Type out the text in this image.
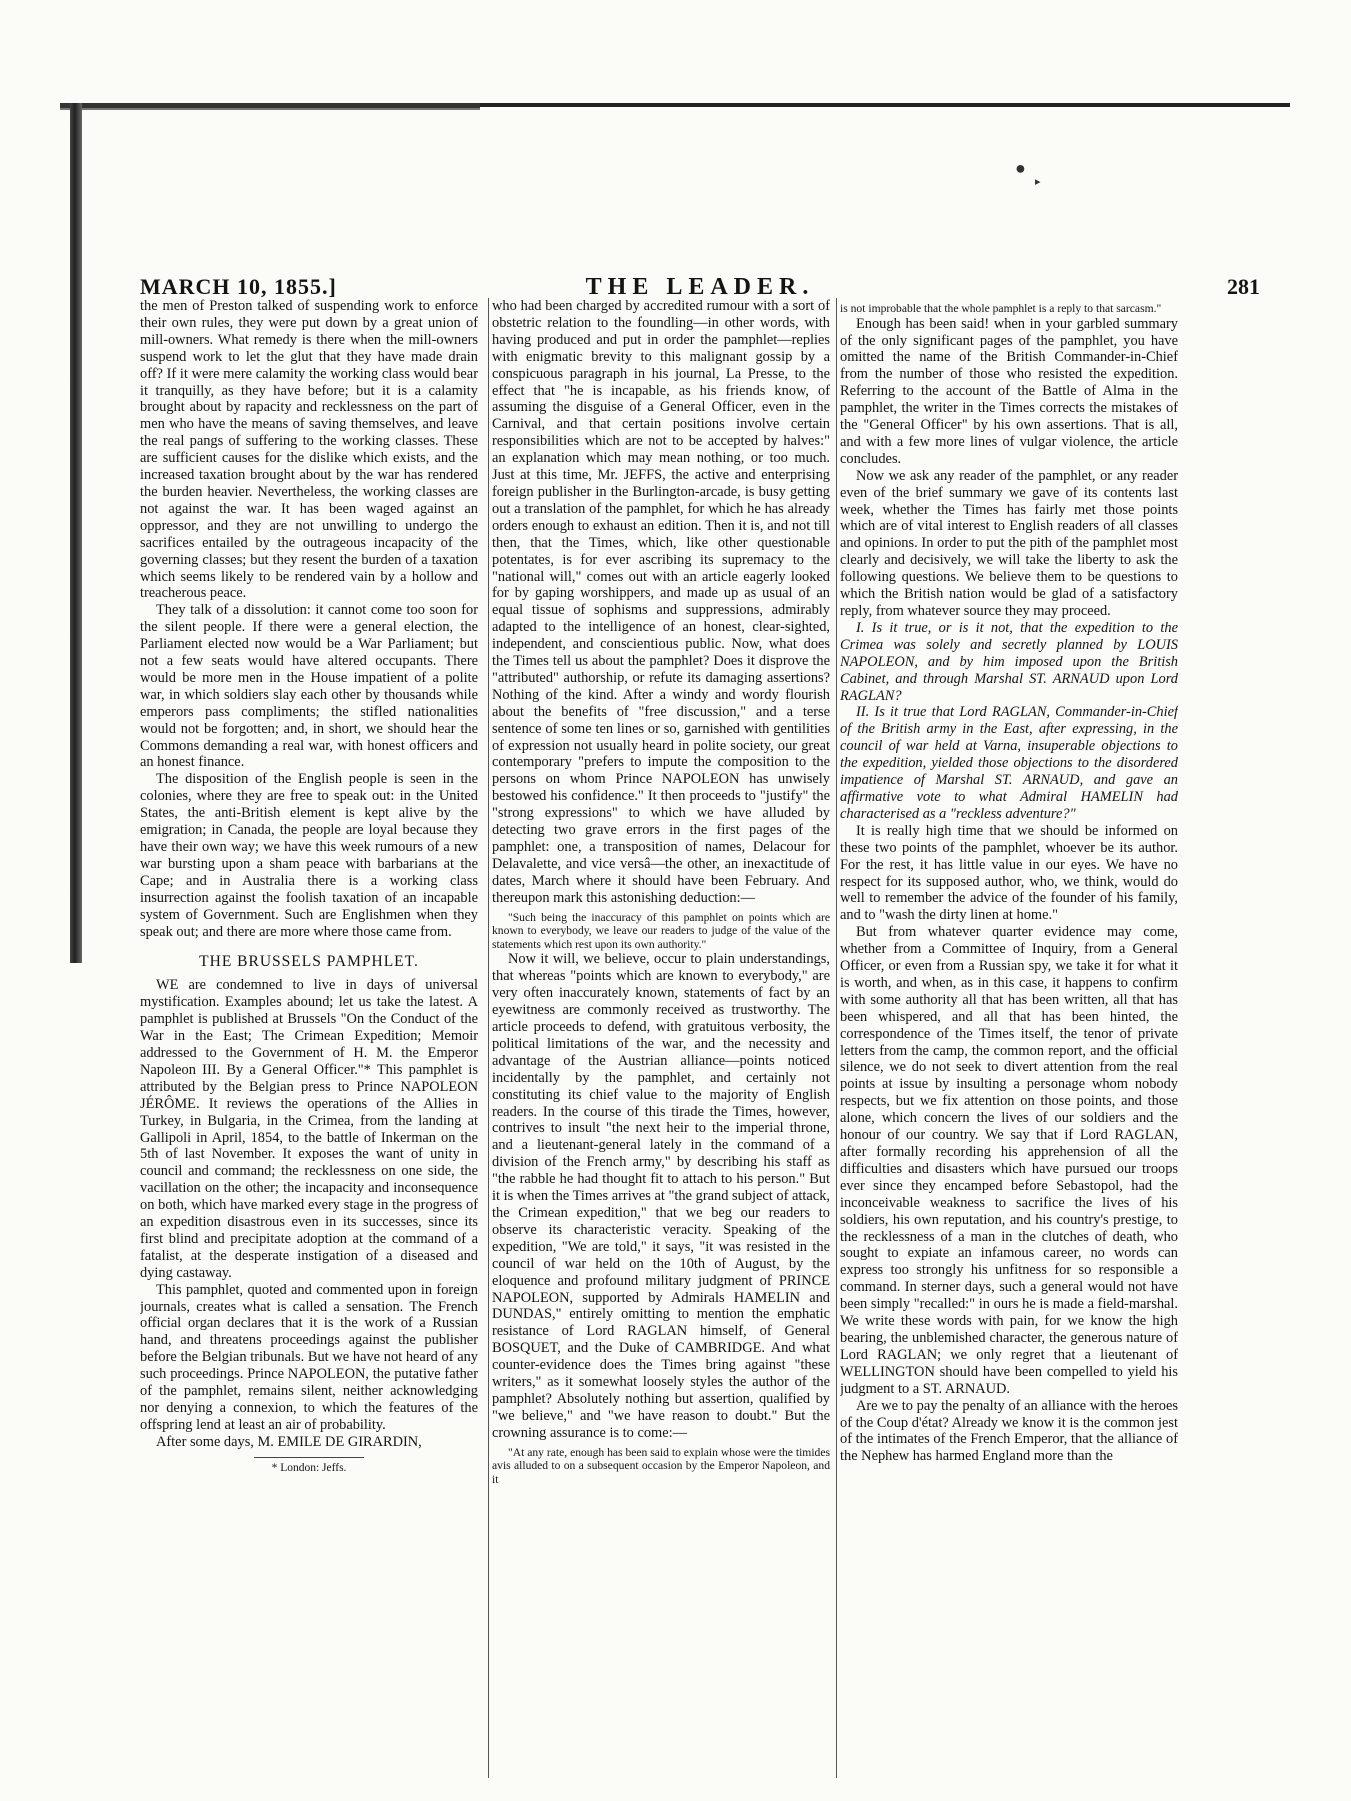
●
▸
MARCH 10, 1855.]	THE LEADER.	281

the men of Preston talked of suspending work to enforce their own rules, they were put down by a great union of mill-owners. What remedy is there when the mill-owners suspend work to let the glut that they have made drain off? If it were mere calamity the working class would bear it tranquilly, as they have before; but it is a calamity brought about by rapacity and recklessness on the part of men who have the means of saving themselves, and leave the real pangs of suffering to the working classes. These are sufficient causes for the dislike which exists, and the increased taxation brought about by the war has rendered the burden heavier. Nevertheless, the working classes are not against the war. It has been waged against an oppressor, and they are not unwilling to undergo the sacrifices entailed by the outrageous incapacity of the governing classes; but they resent the burden of a taxation which seems likely to be rendered vain by a hollow and treacherous peace.

They talk of a dissolution: it cannot come too soon for the silent people. If there were a general election, the Parliament elected now would be a War Parliament; but not a few seats would have altered occupants. There would be more men in the House impatient of a polite war, in which soldiers slay each other by thousands while emperors pass compliments; the stifled nationalities would not be forgotten; and, in short, we should hear the Commons demanding a real war, with honest officers and an honest finance.

The disposition of the English people is seen in the colonies, where they are free to speak out: in the United States, the anti-British element is kept alive by the emigration; in Canada, the people are loyal because they have their own way; we have this week rumours of a new war bursting upon a sham peace with barbarians at the Cape; and in Australia there is a working class insurrection against the foolish taxation of an incapable system of Government. Such are Englishmen when they speak out; and there are more where those came from.

THE BRUSSELS PAMPHLET.

WE are condemned to live in days of universal mystification. Examples abound; let us take the latest. A pamphlet is published at Brussels "On the Conduct of the War in the East; The Crimean Expedition; Memoir addressed to the Government of H. M. the Emperor Napoleon III. By a General Officer."* This pamphlet is attributed by the Belgian press to Prince NAPOLEON JÉRÔME. It reviews the operations of the Allies in Turkey, in Bulgaria, in the Crimea, from the landing at Gallipoli in April, 1854, to the battle of Inkerman on the 5th of last November. It exposes the want of unity in council and command; the recklessness on one side, the vacillation on the other; the incapacity and inconsequence on both, which have marked every stage in the progress of an expedition disastrous even in its successes, since its first blind and precipitate adoption at the command of a fatalist, at the desperate instigation of a diseased and dying castaway.

This pamphlet, quoted and commented upon in foreign journals, creates what is called a sensation. The French official organ declares that it is the work of a Russian hand, and threatens proceedings against the publisher before the Belgian tribunals. But we have not heard of any such proceedings. Prince NAPOLEON, the putative father of the pamphlet, remains silent, neither acknowledging nor denying a connexion, to which the features of the offspring lend at least an air of probability.

After some days, M. EMILE DE GIRARDIN,

* London: Jeffs.

who had been charged by accredited rumour with a sort of obstetric relation to the foundling—in other words, with having produced and put in order the pamphlet—replies with enigmatic brevity to this malignant gossip by a conspicuous paragraph in his journal, La Presse, to the effect that "he is incapable, as his friends know, of assuming the disguise of a General Officer, even in the Carnival, and that certain positions involve certain responsibilities which are not to be accepted by halves:" an explanation which may mean nothing, or too much. Just at this time, Mr. JEFFS, the active and enterprising foreign publisher in the Burlington-arcade, is busy getting out a translation of the pamphlet, for which he has already orders enough to exhaust an edition. Then it is, and not till then, that the Times, which, like other questionable potentates, is for ever ascribing its supremacy to the "national will," comes out with an article eagerly looked for by gaping worshippers, and made up as usual of an equal tissue of sophisms and suppressions, admirably adapted to the intelligence of an honest, clear-sighted, independent, and conscientious public. Now, what does the Times tell us about the pamphlet? Does it disprove the "attributed" authorship, or refute its damaging assertions? Nothing of the kind. After a windy and wordy flourish about the benefits of "free discussion," and a terse sentence of some ten lines or so, garnished with gentilities of expression not usually heard in polite society, our great contemporary "prefers to impute the composition to the persons on whom Prince NAPOLEON has unwisely bestowed his confidence." It then proceeds to "justify" the "strong expressions" to which we have alluded by detecting two grave errors in the first pages of the pamphlet: one, a transposition of names, Delacour for Delavalette, and vice versâ—the other, an inexactitude of dates, March where it should have been February. And thereupon mark this astonishing deduction:—

"Such being the inaccuracy of this pamphlet on points which are known to everybody, we leave our readers to judge of the value of the statements which rest upon its own authority."

Now it will, we believe, occur to plain understandings, that whereas "points which are known to everybody," are very often inaccurately known, statements of fact by an eyewitness are commonly received as trustworthy. The article proceeds to defend, with gratuitous verbosity, the political limitations of the war, and the necessity and advantage of the Austrian alliance—points noticed incidentally by the pamphlet, and certainly not constituting its chief value to the majority of English readers. In the course of this tirade the Times, however, contrives to insult "the next heir to the imperial throne, and a lieutenant-general lately in the command of a division of the French army," by describing his staff as "the rabble he had thought fit to attach to his person." But it is when the Times arrives at "the grand subject of attack, the Crimean expedition," that we beg our readers to observe its characteristic veracity. Speaking of the expedition, "We are told," it says, "it was resisted in the council of war held on the 10th of August, by the eloquence and profound military judgment of PRINCE NAPOLEON, supported by Admirals HAMELIN and DUNDAS," entirely omitting to mention the emphatic resistance of Lord RAGLAN himself, of General BOSQUET, and the Duke of CAMBRIDGE. And what counter-evidence does the Times bring against "these writers," as it somewhat loosely styles the author of the pamphlet? Absolutely nothing but assertion, qualified by "we believe," and "we have reason to doubt." But the crowning assurance is to come:—

"At any rate, enough has been said to explain whose were the timides avis alluded to on a subsequent occasion by the Emperor Napoleon, and it

is not improbable that the whole pamphlet is a reply to that sarcasm."

Enough has been said! when in your garbled summary of the only significant pages of the pamphlet, you have omitted the name of the British Commander-in-Chief from the number of those who resisted the expedition. Referring to the account of the Battle of Alma in the pamphlet, the writer in the Times corrects the mistakes of the "General Officer" by his own assertions. That is all, and with a few more lines of vulgar violence, the article concludes.

Now we ask any reader of the pamphlet, or any reader even of the brief summary we gave of its contents last week, whether the Times has fairly met those points which are of vital interest to English readers of all classes and opinions. In order to put the pith of the pamphlet most clearly and decisively, we will take the liberty to ask the following questions. We believe them to be questions to which the British nation would be glad of a satisfactory reply, from whatever source they may proceed.

I. Is it true, or is it not, that the expedition to the Crimea was solely and secretly planned by LOUIS NAPOLEON, and by him imposed upon the British Cabinet, and through Marshal ST. ARNAUD upon Lord RAGLAN?

II. Is it true that Lord RAGLAN, Commander-in-Chief of the British army in the East, after expressing, in the council of war held at Varna, insuperable objections to the expedition, yielded those objections to the disordered impatience of Marshal ST. ARNAUD, and gave an affirmative vote to what Admiral HAMELIN had characterised as a "reckless adventure?"

It is really high time that we should be informed on these two points of the pamphlet, whoever be its author. For the rest, it has little value in our eyes. We have no respect for its supposed author, who, we think, would do well to remember the advice of the founder of his family, and to "wash the dirty linen at home."

But from whatever quarter evidence may come, whether from a Committee of Inquiry, from a General Officer, or even from a Russian spy, we take it for what it is worth, and when, as in this case, it happens to confirm with some authority all that has been written, all that has been whispered, and all that has been hinted, the correspondence of the Times itself, the tenor of private letters from the camp, the common report, and the official silence, we do not seek to divert attention from the real points at issue by insulting a personage whom nobody respects, but we fix attention on those points, and those alone, which concern the lives of our soldiers and the honour of our country. We say that if Lord RAGLAN, after formally recording his apprehension of all the difficulties and disasters which have pursued our troops ever since they encamped before Sebastopol, had the inconceivable weakness to sacrifice the lives of his soldiers, his own reputation, and his country's prestige, to the recklessness of a man in the clutches of death, who sought to expiate an infamous career, no words can express too strongly his unfitness for so responsible a command. In sterner days, such a general would not have been simply "recalled:" in ours he is made a field-marshal. We write these words with pain, for we know the high bearing, the unblemished character, the generous nature of Lord RAGLAN; we only regret that a lieutenant of WELLINGTON should have been compelled to yield his judgment to a ST. ARNAUD.

Are we to pay the penalty of an alliance with the heroes of the Coup d'état? Already we know it is the common jest of the intimates of the French Emperor, that the alliance of the Nephew has harmed England more than the
